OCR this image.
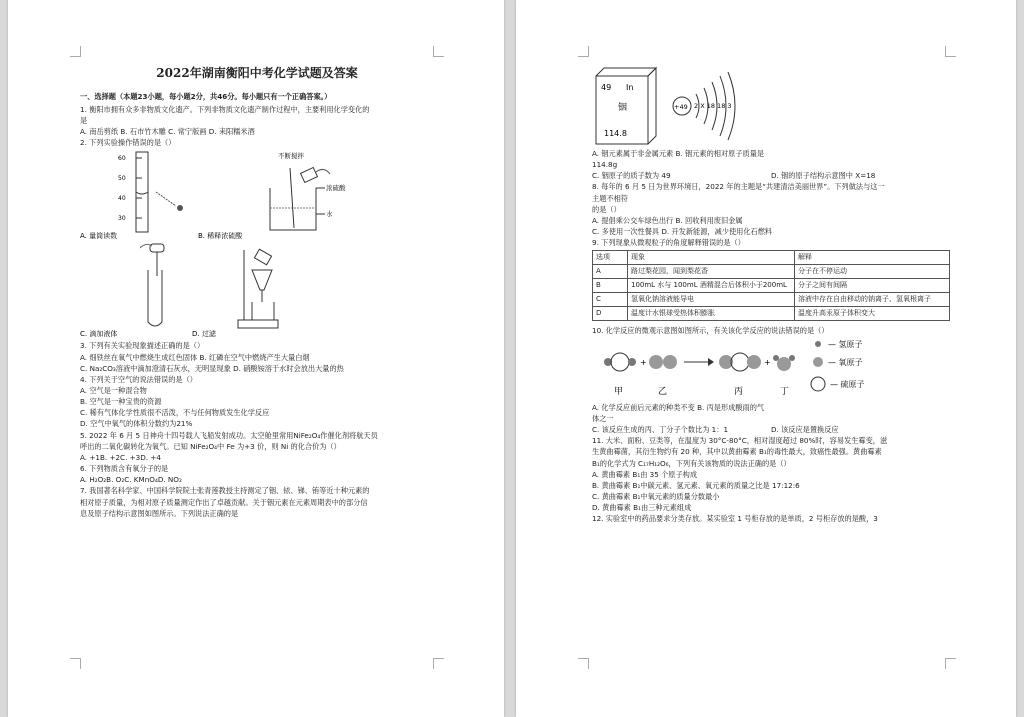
2022年湖南衡阳中考化学试题及答案

一、选择题（本题23小题，每小题2分，共46分。每小题只有一个正确答案。）

1. 衡阳市拥有众多非物质文化遗产。下列非物质文化遗产制作过程中，主要利用化学变化的

是

A. 南岳剪纸 B. 石市竹木雕 C. 常宁版画 D. 耒阳糯米酒

2. 下列实验操作错误的是（）

60
50
40
30
不断搅拌
浓硫酸
水
A. 量筒读数	B. 稀释浓硫酸
C. 滴加液体	D. 过滤

3. 下列有关实验现象描述正确的是（）

A. 细铁丝在氧气中燃烧生成红色固体 B. 红磷在空气中燃烧产生大量白烟

C. Na₂CO₃溶液中滴加澄清石灰水，无明显现象 D. 硝酸铵溶于水时会放出大量的热

4. 下列关于空气的说法错误的是（）

A. 空气是一种混合物

B. 空气是一种宝贵的资源

C. 稀有气体化学性质很不活泼，不与任何物质发生化学反应

D. 空气中氧气的体积分数约为21%

5. 2022 年 6 月 5 日神舟十四号载人飞船发射成功。太空舱里常用NiFe₂O₄作催化剂将航天员

呼出的二氧化碳转化为氧气。已知 NiFe₂O₄中 Fe 为+3 价，则 Ni 的化合价为（）

A. +1B. +2C. +3D. +4

6. 下列物质含有氧分子的是

A. H₂O₂B. O₂C. KMnO₄D. NO₂

7. 我国著名科学家、中国科学院院士张青莲教授主持测定了铟、铱、锑、铕等近十种元素的

相对原子质量，为相对原子质量测定作出了卓越贡献。关于铟元素在元素周期表中的部分信

息及原子结构示意图如图所示。下列说法正确的是

49 In
铟
114.8
+49 2 X 18 18 3
A. 铟元素属于非金属元素 B. 铟元素的相对原子质量是 114.8g
C. 铟原子的质子数为 49	D. 铟的原子结构示意图中 X=18

8. 每年的 6 月 5 日为世界环境日，2022 年的主题是“共建清洁美丽世界”。下列做法与这一

主题不相符

的是（）

A. 提倡乘公交车绿色出行 B. 回收利用废旧金属

C. 多使用一次性餐具 D. 开发新能源，减少使用化石燃料

9. 下列现象从微观粒子的角度解释错误的是（）

选项	现象	解释
A	路过梨花园，闻到梨花香	分子在不停运动
B	100mL 水与 100mL 酒精混合后体积小于200mL	分子之间有间隔
C	氢氧化钠溶液能导电	溶液中存在自由移动的钠离子、氢氧根离子
D	温度计水银球受热体积膨胀	温度升高汞原子体积变大

10. 化学反应的微观示意图如图所示，有关该化学反应的说法错误的是（）

+	+
甲	乙	丙	丁
— 氢原子
— 氧原子
— 硫原子
A. 化学反应前后元素的种类不变 B. 丙是形成酸雨的气体之一
C. 该反应生成的丙、丁分子个数比为 1：1	D. 该反应是置换反应

11. 大米、面粉、豆类等，在温度为 30°C-80°C，相对湿度超过 80%时，容易发生霉变，滋

生黄曲霉菌，其衍生物约有 20 种，其中以黄曲霉素 B₁的毒性最大，致癌性最强。黄曲霉素

B₁的化学式为 C₁₇H₁₂O₆，下列有关该物质的说法正确的是（）

A. 黄曲霉素 B₁由 35 个原子构成

B. 黄曲霉素 B₁中碳元素、氢元素、氧元素的质量之比是 17:12:6

C. 黄曲霉素 B₁中氧元素的质量分数最小

D. 黄曲霉素 B₁由三种元素组成

12. 实验室中的药品要求分类存放。某实验室 1 号柜存放的是单质，2 号柜存放的是酸，3
